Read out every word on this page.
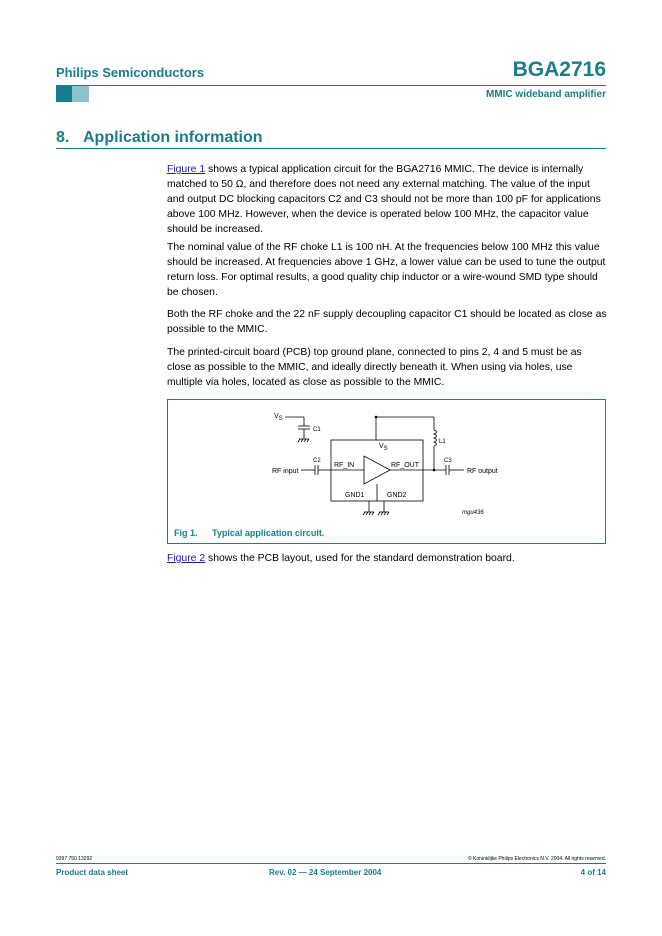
Philips Semiconductors	BGA2716
MMIC wideband amplifier
8. Application information

Figure 1 shows a typical application circuit for the BGA2716 MMIC. The device is internally matched to 50 Ω, and therefore does not need any external matching. The value of the input and output DC blocking capacitors C2 and C3 should not be more than 100 pF for applications above 100 MHz. However, when the device is operated below 100 MHz, the capacitor value should be increased.

The nominal value of the RF choke L1 is 100 nH. At the frequencies below 100 MHz this value should be increased. At frequencies above 1 GHz, a lower value can be used to tune the output return loss. For optimal results, a good quality chip inductor or a wire-wound SMD type should be chosen.

Both the RF choke and the 22 nF supply decoupling capacitor C1 should be located as close as possible to the MMIC.

The printed-circuit board (PCB) top ground plane, connected to pins 2, 4 and 5 must be as close as possible to the MMIC, and ideally directly beneath it. When using via holes, use multiple via holes, located as close as possible to the MMIC.

VS
C1
VS
L1
C2	C3
RF_IN	RF_OUT
GND1	GND2
RF input	RF output
mgu436
Fig 1. Typical application circuit.

Figure 2 shows the PCB layout, used for the standard demonstration board.

9397 750 13292	© Koninklijke Philips Electronics N.V. 2004. All rights reserved.
Product data sheet	Rev. 02 — 24 September 2004	4 of 14
